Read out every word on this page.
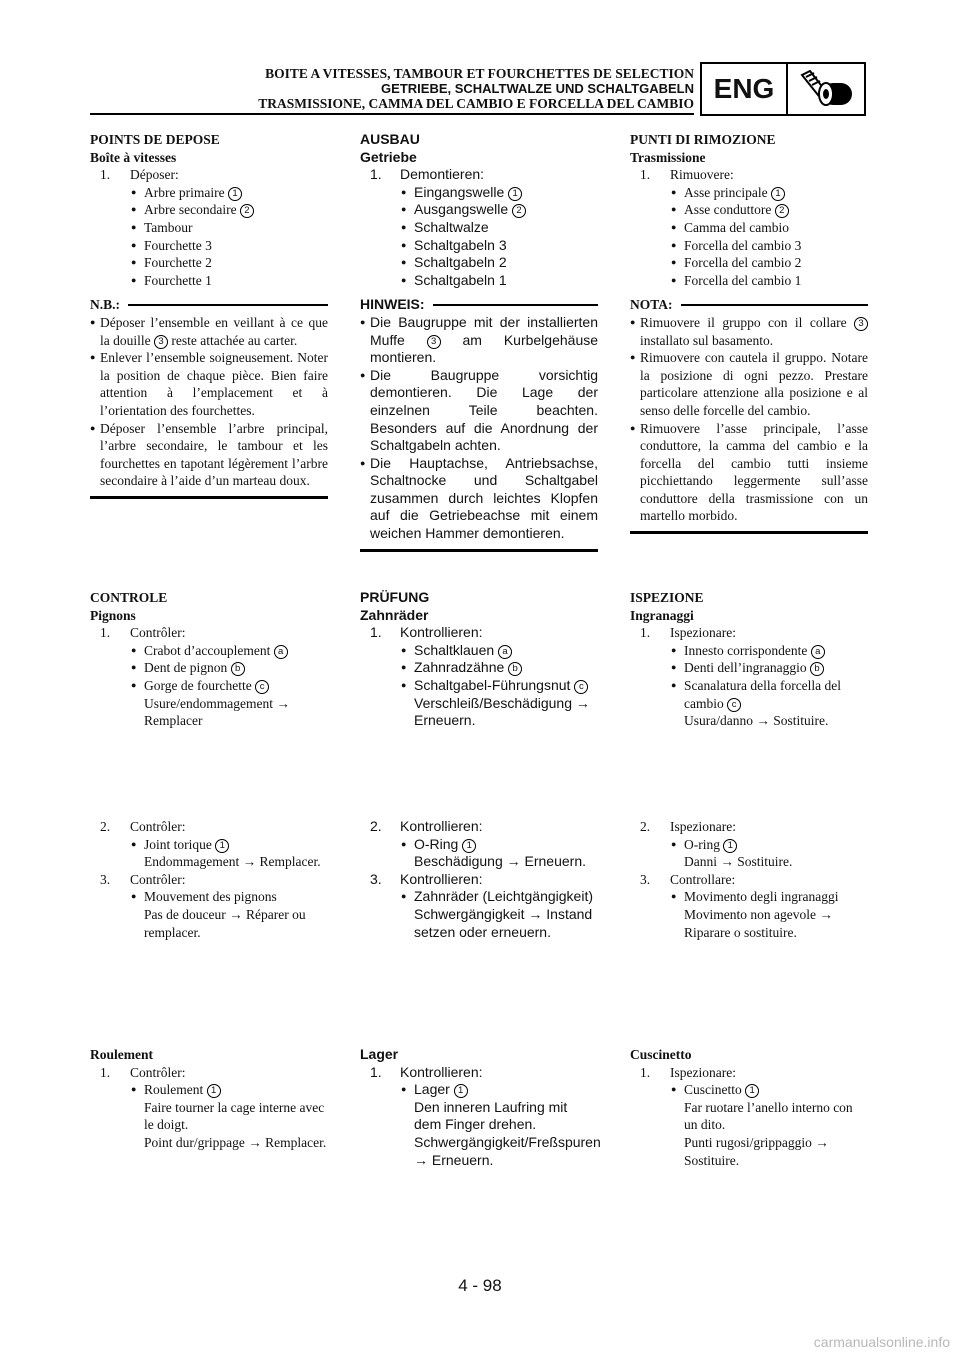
BOITE A VITESSES, TAMBOUR ET FOURCHETTES DE SELECTION
GETRIEBE, SCHALTWALZE UND SCHALTGABELN
TRASMISSIONE, CAMMA DEL CAMBIO E FORCELLA DEL CAMBIO ENG

POINTS DE DEPOSE

Boîte à vitesses

1. Déposer:

● Arbre primaire 1

● Arbre secondaire 2

● Tambour

● Fourchette 3

● Fourchette 2

● Fourchette 1

N.B.:

● Déposer l’ensemble en veillant à ce que la douille 3 reste attachée au carter.

● Enlever l’ensemble soigneusement. Noter la position de chaque pièce. Bien faire attention à l’emplacement et à l’orientation des fourchettes.

● Déposer l’ensemble l’arbre principal, l’arbre secondaire, le tambour et les fourchettes en tapotant légèrement l’arbre secondaire à l’aide d’un marteau doux.

CONTROLE

Pignons

1. Contrôler:

● Crabot d’accouplement a

● Dent de pignon b

● Gorge de fourchette c

Usure/endommagement → Remplacer

2. Contrôler:

● Joint torique 1

Endommagement → Remplacer.

3. Contrôler:

● Mouvement des pignons

Pas de douceur → Réparer ou remplacer.

Roulement

1. Contrôler:

● Roulement 1

Faire tourner la cage interne avec le doigt.

Point dur/grippage → Remplacer.

AUSBAU

Getriebe

1. Demontieren:

● Eingangswelle 1

● Ausgangswelle 2

● Schaltwalze

● Schaltgabeln 3

● Schaltgabeln 2

● Schaltgabeln 1

HINWEIS:

● Die Baugruppe mit der installierten Muffe	3 am Kurbelgehäuse montieren.

● Die Baugruppe vorsichtig demontieren. Die Lage der einzelnen Teile beachten. Besonders auf die Anordnung der Schaltgabeln achten.

● Die Hauptachse, Antriebsachse, Schaltnocke und Schaltgabel zusammen durch leichtes Klopfen auf die Getriebeachse mit einem weichen Hammer demontieren.

PRÜFUNG

Zahnräder

1. Kontrollieren:

● Schaltklauen a

● Zahnradzähne b

● Schaltgabel-Führungsnut c

Verschleiß/Beschädigung → Erneuern.

2. Kontrollieren:

● O-Ring 1

Beschädigung → Erneuern.

3. Kontrollieren:

● Zahnräder (Leichtgängigkeit)

Schwergängigkeit → Instand setzen oder erneuern.

Lager

1. Kontrollieren:

● Lager 1

Den inneren Laufring mit dem Finger drehen.

Schwergängigkeit/Freßspuren → Erneuern.

PUNTI DI RIMOZIONE

Trasmissione

1. Rimuovere:

● Asse principale 1

● Asse conduttore 2

● Camma del cambio

● Forcella del cambio 3

● Forcella del cambio 2

● Forcella del cambio 1

NOTA:

● Rimuovere il gruppo con il collare 3 installato sul basamento.

● Rimuovere con cautela il gruppo. Notare la posizione di ogni pezzo. Prestare particolare attenzione alla posizione e al senso delle forcelle del cambio.

● Rimuovere l’asse principale, l’asse conduttore, la camma del cambio e la forcella del cambio tutti insieme picchiettando leggermente sull’asse conduttore della trasmissione con un martello morbido.

ISPEZIONE

Ingranaggi

1. Ispezionare:

● Innesto corrispondente a

● Denti dell’ingranaggio b

● Scanalatura della forcella del cambio c

Usura/danno → Sostituire.

2. Ispezionare:

● O-ring 1

Danni → Sostituire.

3. Controllare:

● Movimento degli ingranaggi

Movimento non agevole → Riparare o sostituire.

Cuscinetto

1. Ispezionare:

● Cuscinetto 1

Far ruotare l’anello interno con un dito.

Punti rugosi/grippaggio → Sostituire.

4 - 98
carmanualsonline.info
